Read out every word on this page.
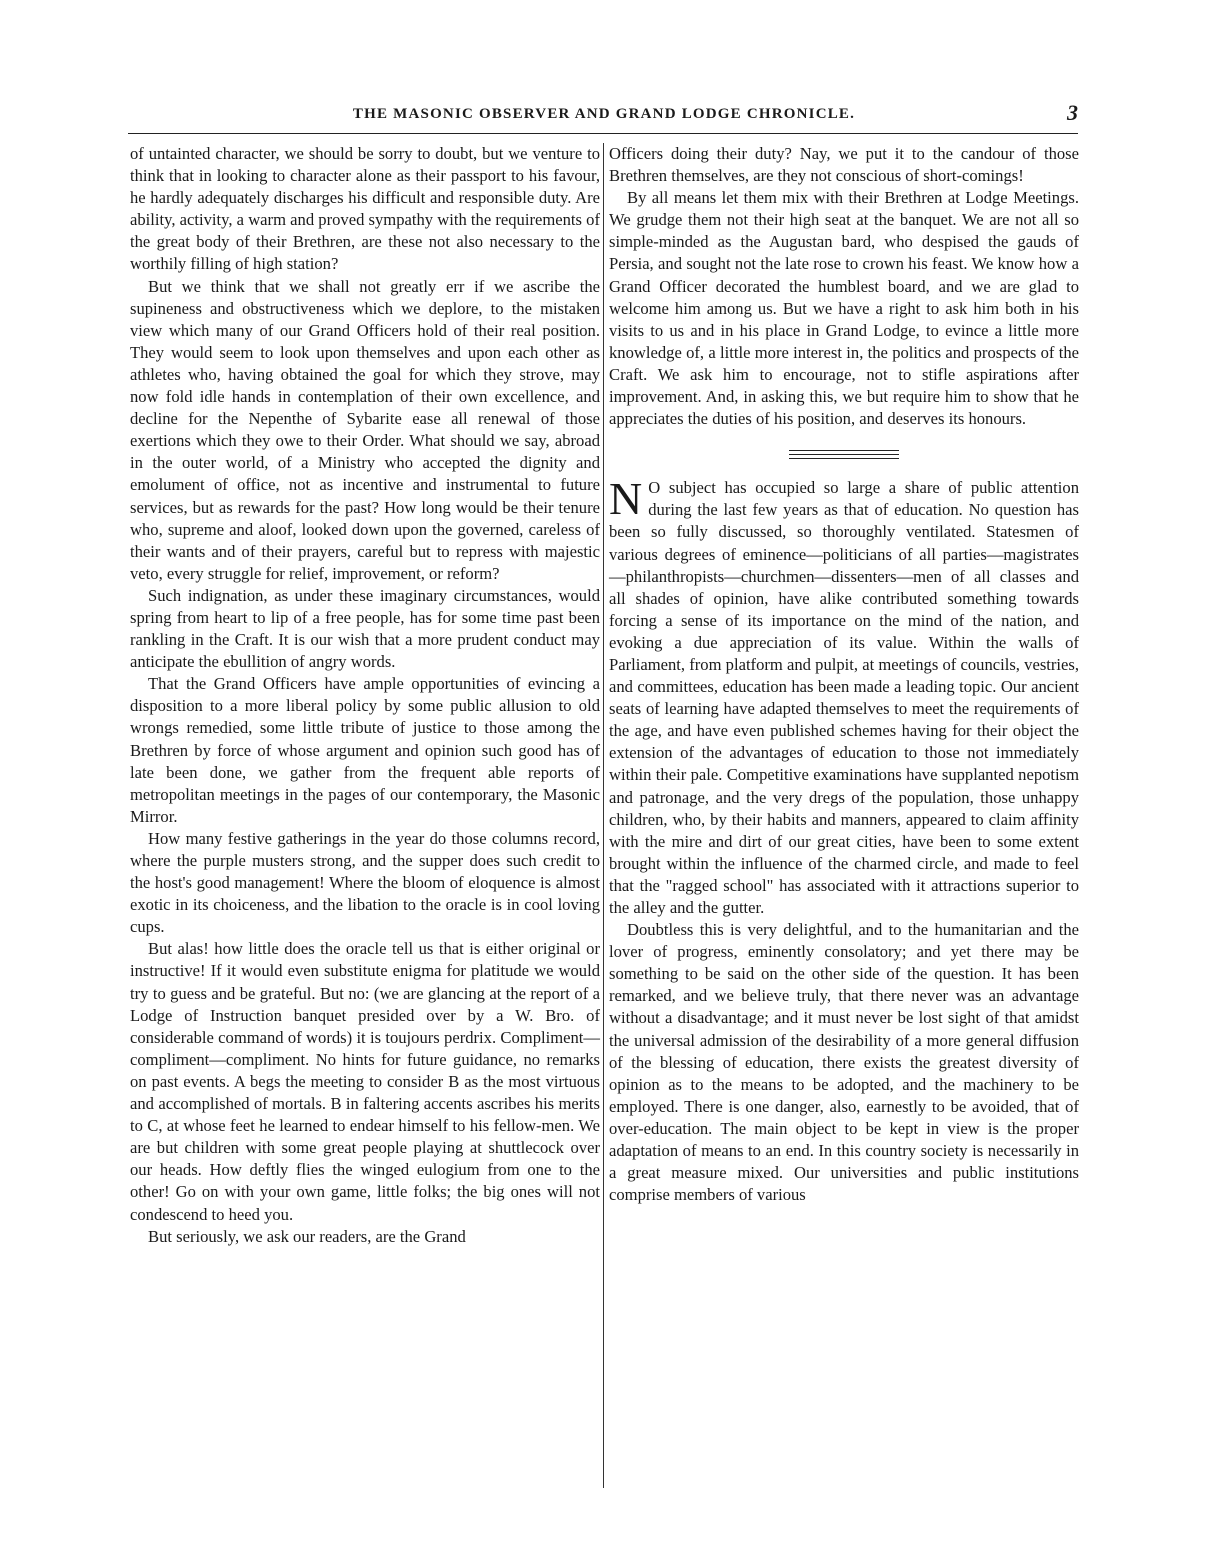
THE MASONIC OBSERVER AND GRAND LODGE CHRONICLE.	3

of untainted character, we should be sorry to doubt, but we venture to think that in looking to character alone as their passport to his favour, he hardly adequately discharges his difficult and responsible duty. Are ability, activity, a warm and proved sympathy with the requirements of the great body of their Brethren, are these not also necessary to the worthily filling of high station?

But we think that we shall not greatly err if we ascribe the supineness and obstructiveness which we deplore, to the mistaken view which many of our Grand Officers hold of their real position. They would seem to look upon themselves and upon each other as athletes who, having obtained the goal for which they strove, may now fold idle hands in contemplation of their own excellence, and decline for the Nepenthe of Sybarite ease all renewal of those exertions which they owe to their Order. What should we say, abroad in the outer world, of a Ministry who accepted the dignity and emolument of office, not as incentive and instrumental to future services, but as rewards for the past? How long would be their tenure who, supreme and aloof, looked down upon the governed, careless of their wants and of their prayers, careful but to repress with majestic veto, every struggle for relief, improvement, or reform?

Such indignation, as under these imaginary circumstances, would spring from heart to lip of a free people, has for some time past been rankling in the Craft. It is our wish that a more prudent conduct may anticipate the ebullition of angry words.

That the Grand Officers have ample opportunities of evincing a disposition to a more liberal policy by some public allusion to old wrongs remedied, some little tribute of justice to those among the Brethren by force of whose argument and opinion such good has of late been done, we gather from the frequent able reports of metropolitan meetings in the pages of our contemporary, the Masonic Mirror.

How many festive gatherings in the year do those columns record, where the purple musters strong, and the supper does such credit to the host's good management! Where the bloom of eloquence is almost exotic in its choiceness, and the libation to the oracle is in cool loving cups.

But alas! how little does the oracle tell us that is either original or instructive! If it would even substitute enigma for platitude we would try to guess and be grateful. But no: (we are glancing at the report of a Lodge of Instruction banquet presided over by a W. Bro. of considerable command of words) it is toujours perdrix. Compliment—compliment—compliment. No hints for future guidance, no remarks on past events. A begs the meeting to consider B as the most virtuous and accomplished of mortals. B in faltering accents ascribes his merits to C, at whose feet he learned to endear himself to his fellow-men. We are but children with some great people playing at shuttlecock over our heads. How deftly flies the winged eulogium from one to the other! Go on with your own game, little folks; the big ones will not condescend to heed you.

But seriously, we ask our readers, are the Grand

Officers doing their duty? Nay, we put it to the candour of those Brethren themselves, are they not conscious of short-comings!

By all means let them mix with their Brethren at Lodge Meetings. We grudge them not their high seat at the banquet. We are not all so simple-minded as the Augustan bard, who despised the gauds of Persia, and sought not the late rose to crown his feast. We know how a Grand Officer decorated the humblest board, and we are glad to welcome him among us. But we have a right to ask him both in his visits to us and in his place in Grand Lodge, to evince a little more knowledge of, a little more interest in, the politics and prospects of the Craft. We ask him to encourage, not to stifle aspirations after improvement. And, in asking this, we but require him to show that he appreciates the duties of his position, and deserves its honours.

N O subject has occupied so large a share of public attention during the last few years as that of education. No question has been so fully discussed, so thoroughly ventilated. Statesmen of various degrees of eminence—politicians of all parties—magistrates—philanthropists—churchmen—dissenters—men of all classes and all shades of opinion, have alike contributed something towards forcing a sense of its importance on the mind of the nation, and evoking a due appreciation of its value. Within the walls of Parliament, from platform and pulpit, at meetings of councils, vestries, and committees, education has been made a leading topic. Our ancient seats of learning have adapted themselves to meet the requirements of the age, and have even published schemes having for their object the extension of the advantages of education to those not immediately within their pale. Competitive examinations have supplanted nepotism and patronage, and the very dregs of the population, those unhappy children, who, by their habits and manners, appeared to claim affinity with the mire and dirt of our great cities, have been to some extent brought within the influence of the charmed circle, and made to feel that the "ragged school" has associated with it attractions superior to the alley and the gutter.

Doubtless this is very delightful, and to the humanitarian and the lover of progress, eminently consolatory; and yet there may be something to be said on the other side of the question. It has been remarked, and we believe truly, that there never was an advantage without a disadvantage; and it must never be lost sight of that amidst the universal admission of the desirability of a more general diffusion of the blessing of education, there exists the greatest diversity of opinion as to the means to be adopted, and the machinery to be employed. There is one danger, also, earnestly to be avoided, that of over-education. The main object to be kept in view is the proper adaptation of means to an end. In this country society is necessarily in a great measure mixed. Our universities and public institutions comprise members of various
